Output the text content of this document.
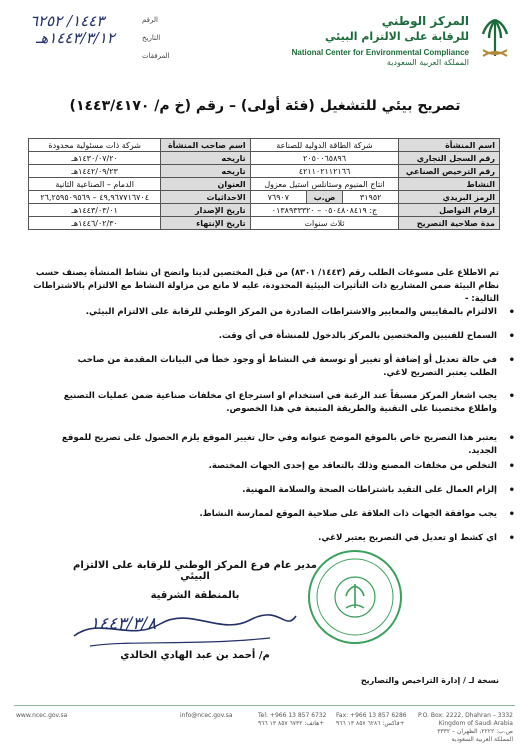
المركز الوطني
للرقابة على الالتزام البيئي
National Center for Environmental Compliance
المملكة العربية السعودية
الرقم
١٤٤٣/ ٦٢٥٢
التاريخ
١٤٤٣/٣/١٢هـ
المرفقات
تصريح بيئي للتشغيل (فئة أولى) – رقم (خ م/ ١٤٤٣/٤١٧٠)
اسم المنشأة	شركة الطاقة الدولية للصناعة			اسم صاحب المنشأة	شركة ذات مسئولية محدودة
رقم السجل التجاري	٢٠٥٠٠٦٥٨٩٦			تاريخه	١٤٣٠/٠٧/٢٠هـ
رقم الترخيص الصناعي	٤٢١١٠٢١١٢١٦٦			تاريخه	١٤٤٢/٠٩/٢٣هـ
النشاط	انتاج المنيوم وستانلس استيل معزول			العنوان	الدمام – الصناعية الثانية
الرمز البريدي	٣١٩٥٢	ص.ب	٧٦٩٠٧	الاحداثيات	٤٩,٩٦٧٧١٦٧٠٤ – ٢٦,٢٥٩٥٠٩٥٦٩
ارقام التواصل	ج: ٠٥٠٤٨٠٨٤١٩ – ٠١٣٨٩٣٣٣٢٠			تاريخ الإصدار	١٤٤٣/٠٣/٠١هـ
مدة صلاحية التصريح	ثلاث سنوات			تاريخ الإنتهاء	١٤٤٦/٠٢/٣٠هـ
تم الاطلاع على مسوغات الطلب رقم (١٤٤٣/ ٨٣٠١) من قبل المختصين لدينا واتضح ان نشاط المنشأة يصنف حسب نظام البيئة ضمن المشاريع ذات التأثيرات البيئية المحدودة، عليه لا مانع من مزاولة النشاط مع الالتزام بالاشتراطات التالية: -
•
الالتزام بالمقاييس والمعايير والاشتراطات الصادرة من المركز الوطني للرقابة على الالتزام البيئي.
•
السماح للفنيين والمختصين بالمركز بالدخول للمنشأة في أي وقت.
•
في حالة تعديل أو إضافة أو تغيير أو توسعة في النشاط أو وجود خطأ في البيانات المقدمة من صاحب الطلب يعتبر التصريح لاغي.
•
يجب اشعار المركز مسبقاً عند الرغبة في استخدام او استرجاع اي مخلفات صناعية ضمن عمليات التصنيع واطلاع مختصينا على التقنية والطريقة المتبعة في هذا الخصوص.
•
يعتبر هذا التصريح خاص بالموقع الموضح عنوانه وفي حال تغيير الموقع يلزم الحصول على تصريح للموقع الجديد.
•
التخلص من مخلفات المصنع وذلك بالتعاقد مع إحدى الجهات المختصة.
•
إلزام العمال على التقيد باشتراطات الصحة والسلامة المهنية.
•
يجب موافقة الجهات ذات العلاقة على صلاحية الموقع لممارسة النشاط.
•
اي كشط او تعديل في التصريح يعتبر لاغي.
مدير عام فرع المركز الوطني للرقابة على الالتزام البيئي
بالمنطقة الشرقية
١٤٤٣/٣/٨
م/ أحمد بن عبد الهادي الخالدي
نسخة لـ / إدارة التراخيص والتصاريح
www.ncec.gov.sa	info@ncec.gov.sa	Tel: +966 13 857 6732
هاتف: ٦٧٣٢ ٨٥٧ ١٣ ٩٦٦+
Fax: +966 13 857 6286
فاكس: ٦٢٨٦ ٨٥٧ ١٣ ٩٦٦+
P.O. Box: 2222, Dhahran – 3332
Kingdom of Saudi Arabia
ص.ب: ٢٢٢٢، الظهران – ٣٣٣٢
المملكة العربية السعودية
